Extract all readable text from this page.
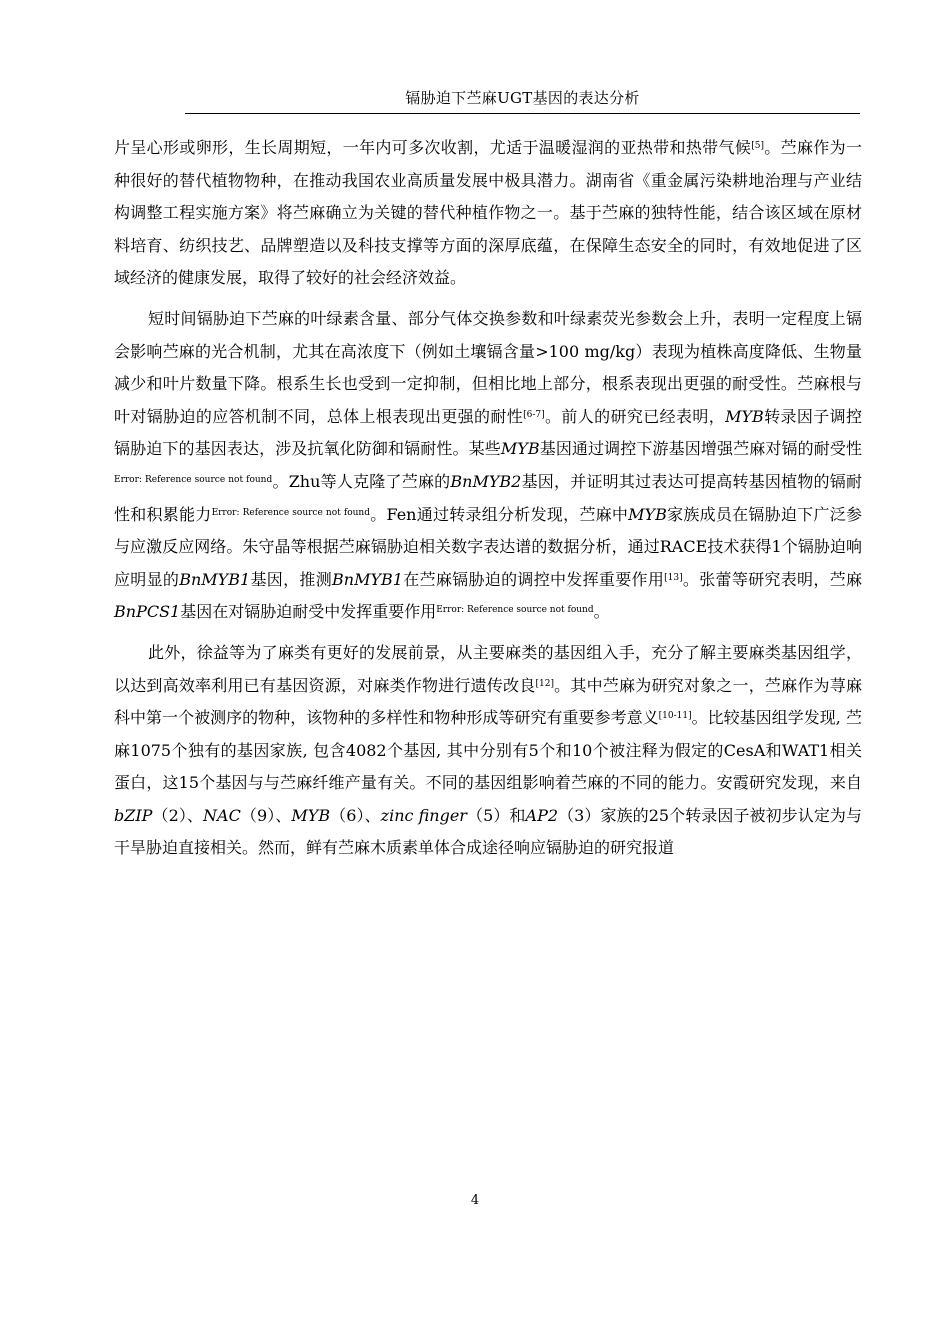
镉胁迫下苎麻UGT基因的表达分析

片呈心形或卵形，生长周期短，一年内可多次收割，尤适于温暖湿润的亚热带和热带气候[5]。苎麻作为一种很好的替代植物物种，在推动我国农业高质量发展中极具潜力。湖南省《重金属污染耕地治理与产业结构调整工程实施方案》将苎麻确立为关键的替代种植作物之一。基于苎麻的独特性能，结合该区域在原材料培育、纺织技艺、品牌塑造以及科技支撑等方面的深厚底蕴，在保障生态安全的同时，有效地促进了区域经济的健康发展，取得了较好的社会经济效益。

短时间镉胁迫下苎麻的叶绿素含量、部分气体交换参数和叶绿素荧光参数会上升，表明一定程度上镉会影响苎麻的光合机制，尤其在高浓度下（例如土壤镉含量>100 mg/kg）表现为植株高度降低、生物量减少和叶片数量下降。根系生长也受到一定抑制，但相比地上部分，根系表现出更强的耐受性。苎麻根与叶对镉胁迫的应答机制不同，总体上根表现出更强的耐性[6-7]。前人的研究已经表明，MYB转录因子调控镉胁迫下的基因表达，涉及抗氧化防御和镉耐性。某些MYB基因通过调控下游基因增强苎麻对镉的耐受性$^{Error: Reference source not found}$。Zhu等人克隆了苎麻的BnMYB2基因，并证明其过表达可提高转基因植物的镉耐性和积累能力$^{Error: Reference source not found}$。Fen通过转录组分析发现，苎麻中MYB家族成员在镉胁迫下广泛参与应激反应网络。朱守晶等根据苎麻镉胁迫相关数字表达谱的数据分析，通过RACE技术获得1个镉胁迫响应明显的BnMYB1基因，推测BnMYB1在苎麻镉胁迫的调控中发挥重要作用[13]。张蕾等研究表明，苎麻BnPCS1基因在对镉胁迫耐受中发挥重要作用$^{Error: Reference source not found}$。

此外，徐益等为了麻类有更好的发展前景，从主要麻类的基因组入手，充分了解主要麻类基因组学，以达到高效率利用已有基因资源，对麻类作物进行遗传改良[12]。其中苎麻为研究对象之一，苎麻作为荨麻科中第一个被测序的物种，该物种的多样性和物种形成等研究有重要参考意义[10-11]。比较基因组学发现, 苎麻1075个独有的基因家族, 包含4082个基因, 其中分别有5个和10个被注释为假定的CesA和WAT1相关蛋白，这15个基因与与苎麻纤维产量有关。不同的基因组影响着苎麻的不同的能力。安霞研究发现，来自bZIP（2）、NAC（9）、MYB（6）、zinc finger（5）和AP2（3）家族的25个转录因子被初步认定为与干旱胁迫直接相关。然而，鲜有苎麻木质素单体合成途径响应镉胁迫的研究报道

4
